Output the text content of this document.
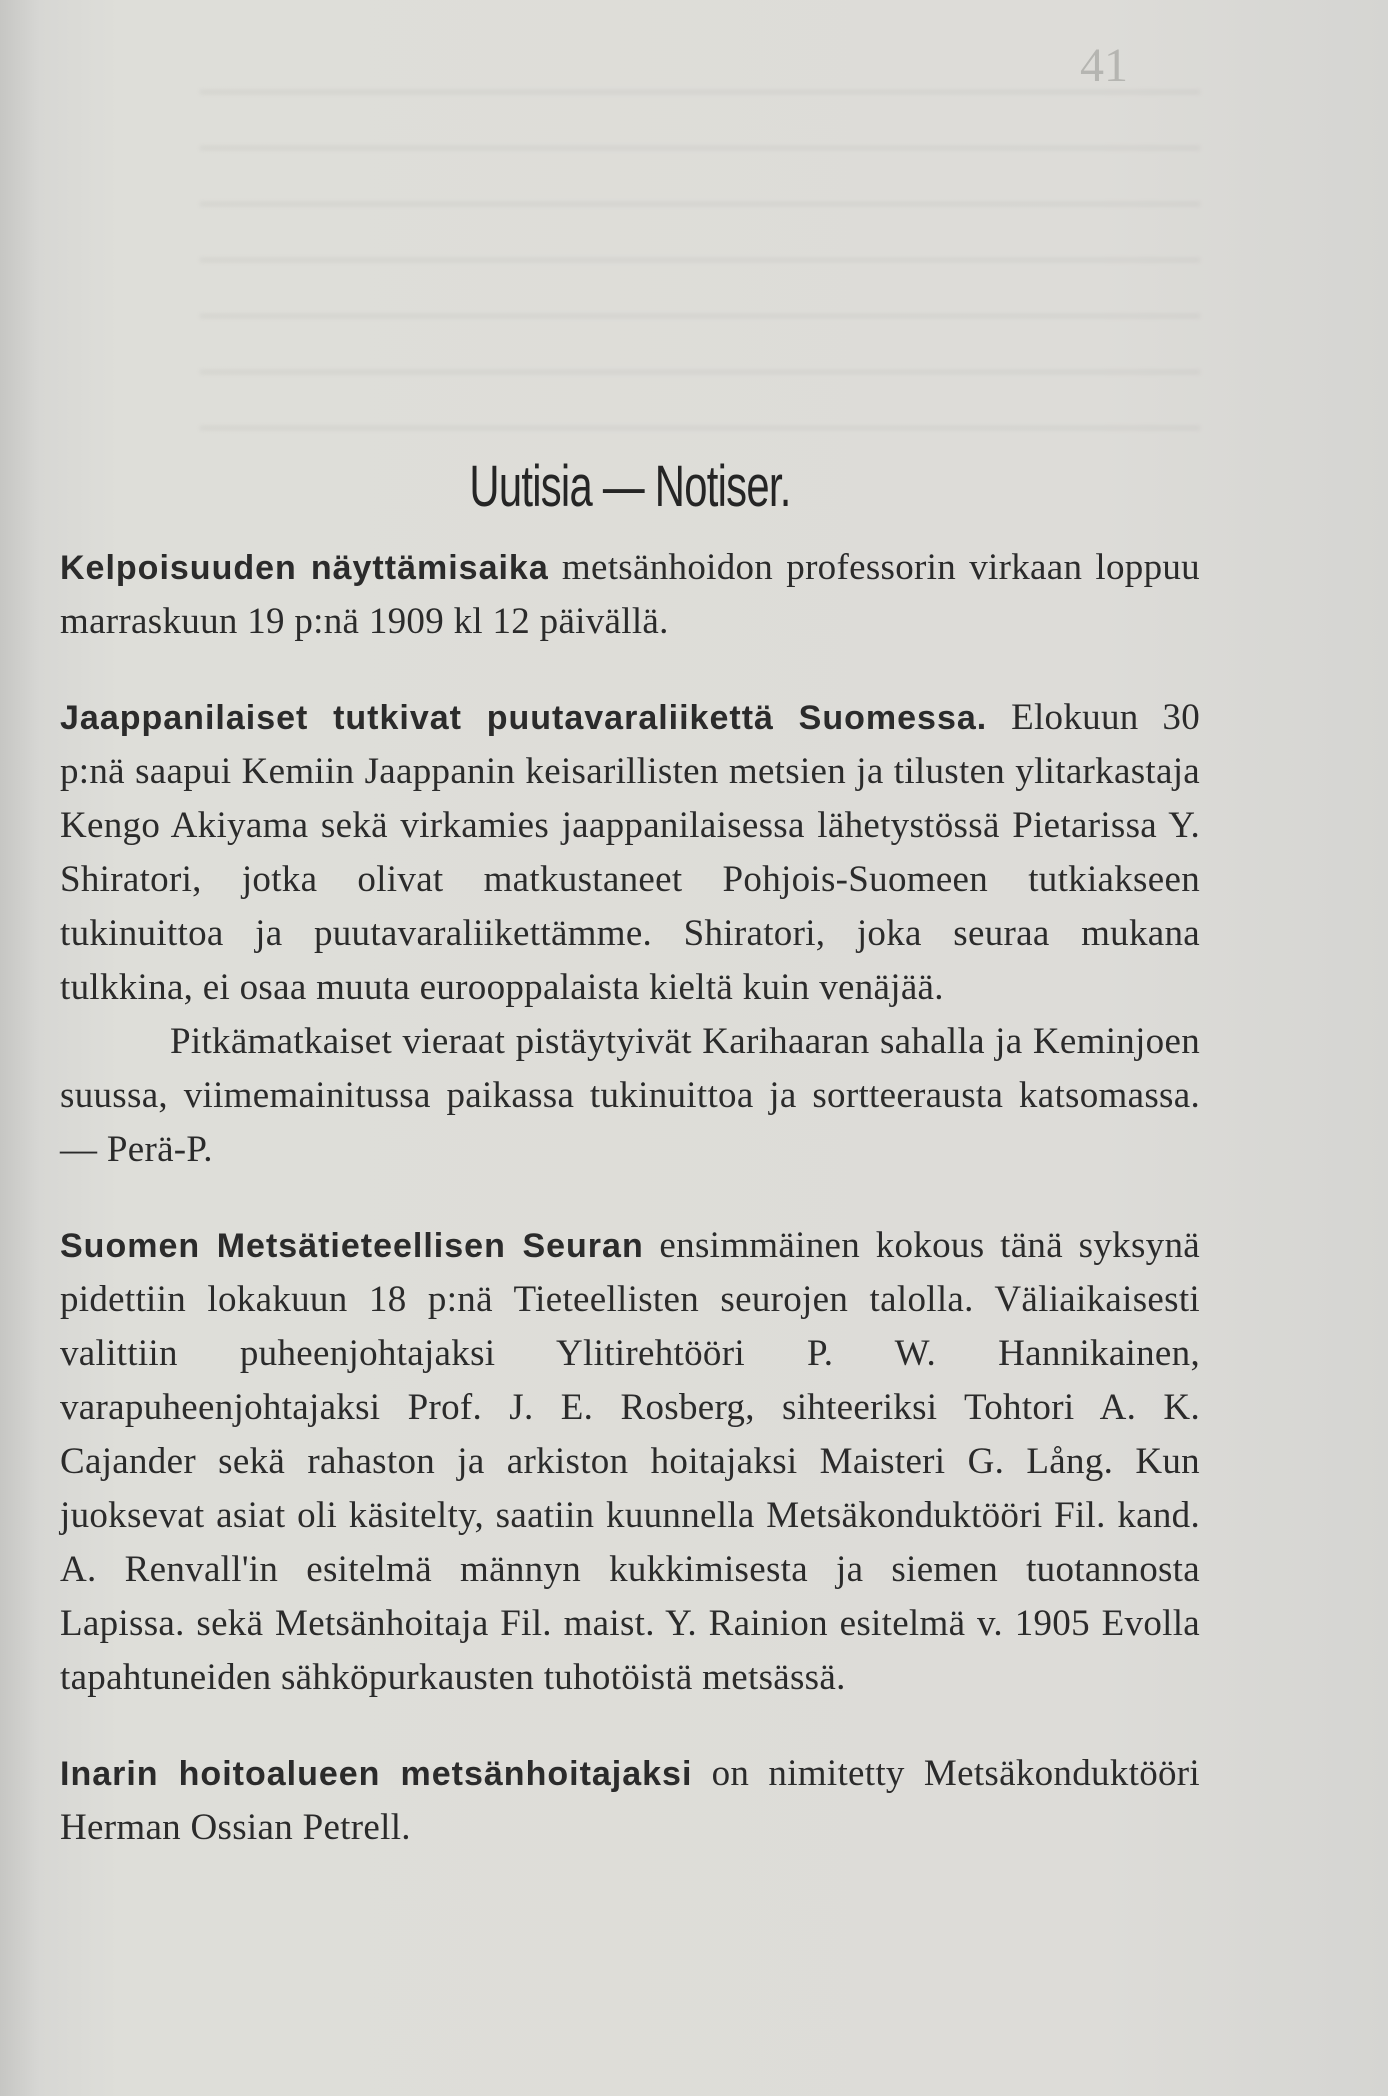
41
Uutisia — Notiser.

Kelpoisuuden näyttämisaika metsänhoidon professorin virkaan loppuu marraskuun 19 p:nä 1909 kl 12 päivällä.

Jaappanilaiset tutkivat puutavaraliikettä Suomessa. Elokuun 30 p:nä saapui Kemiin Jaappanin keisarillisten metsien ja tilusten ylitarkastaja Kengo Akiyama sekä virkamies jaappanilaisessa lähetystössä Pietarissa Y. Shiratori, jotka olivat matkustaneet Pohjois-Suomeen tutkiakseen tukinuittoa ja puutavaraliikettämme. Shiratori, joka seuraa mukana tulkkina, ei osaa muuta eurooppalaista kieltä kuin venäjää.

Pitkämatkaiset vieraat pistäytyivät Karihaaran sahalla ja Keminjoen suussa, viimemainitussa paikassa tukinuittoa ja sortteerausta katsomassa. — Perä-P.

Suomen Metsätieteellisen Seuran ensimmäinen kokous tänä syksynä pidettiin lokakuun 18 p:nä Tieteellisten seurojen talolla. Väliaikaisesti valittiin puheenjohtajaksi Ylitirehtööri P. W. Hannikainen, varapuheenjohtajaksi Prof. J. E. Rosberg, sihteeriksi Tohtori A. K. Cajander sekä rahaston ja arkiston hoitajaksi Maisteri G. Lång. Kun juoksevat asiat oli käsitelty, saatiin kuunnella Metsäkonduktööri Fil. kand. A. Renvall'in esitelmä männyn kukkimisesta ja siemen tuotannosta Lapissa. sekä Metsänhoitaja Fil. maist. Y. Rainion esitelmä v. 1905 Evolla tapahtuneiden sähköpurkausten tuhotöistä metsässä.

Inarin hoitoalueen metsänhoitajaksi on nimitetty Metsäkonduktööri Herman Ossian Petrell.
